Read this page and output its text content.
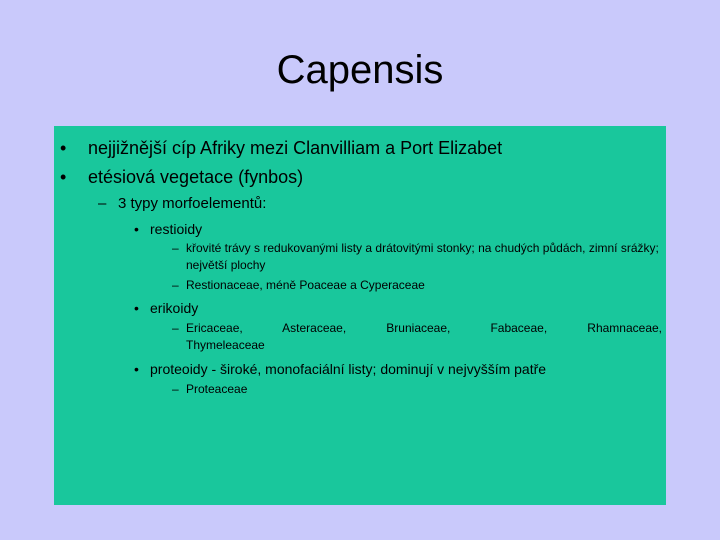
Capensis
• nejjižnější cíp Afriky mezi Clanvilliam a Port Elizabet
• etésiová vegetace (fynbos)
– 3 typy morfoelementů:
• restioidy
– křovité trávy s redukovanými listy a drátovitými stonky; na chudých půdách, zimní srážky; největší plochy
– Restionaceae, méně Poaceae a Cyperaceae
• erikoidy
– Ericaceae, Asteraceae, Bruniaceae, Fabaceae, Rhamnaceae,
Thymeleaceae
• proteoidy - široké, monofaciální listy; dominují v nejvyšším patře
– Proteaceae
